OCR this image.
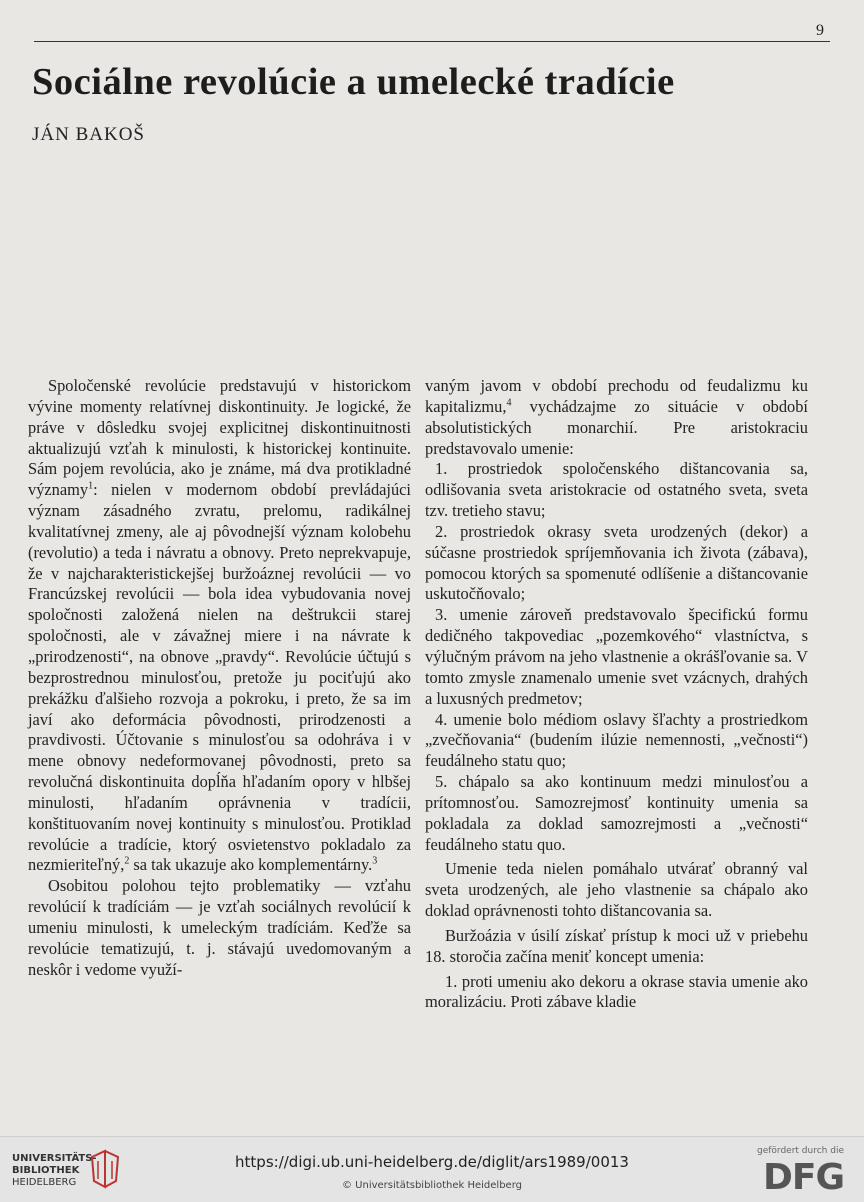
9
Sociálne revolúcie a umelecké tradície
JÁN BAKOŠ

Spoločenské revolúcie predstavujú v historickom vývine momenty relatívnej diskontinuity. Je logické, že práve v dôsledku svojej explicitnej diskontinuitnosti aktualizujú vzťah k minulosti, k historickej kontinuite. Sám pojem revolúcia, ako je známe, má dva protikladné významy$^1$: nielen v modernom období prevládajúci význam zásadného zvratu, prelomu, radikálnej kvalitatívnej zmeny, ale aj pôvodnejší význam kolobehu (revolutio) a teda i návratu a obnovy. Preto neprekvapuje, že v najcharakteristickejšej buržoáznej revolúcii — vo Francúzskej revolúcii — bola idea vybudovania novej spoločnosti založená nielen na deštrukcii starej spoločnosti, ale v závažnej miere i na návrate k „prirodzenosti“, na obnove „pravdy“. Revolúcie účtujú s bezprostrednou minulosťou, pretože ju pociťujú ako prekážku ďalšieho rozvoja a pokroku, i preto, že sa im javí ako deformácia pôvodnosti, prirodzenosti a pravdivosti. Účtovanie s minulosťou sa odohráva i v mene obnovy nedeformovanej pôvodnosti, preto sa revolučná diskontinuita dopĺňa hľadaním opory v hlbšej minulosti, hľadaním oprávnenia v tradícii, konštituovaním novej kontinuity s minulosťou. Protiklad revolúcie a tradície, ktorý osvietenstvo pokladalo za nezmieriteľný,$^2$ sa tak ukazuje ako komplementárny.$^3$

Osobitou polohou tejto problematiky — vzťahu revolúcií k tradíciám — je vzťah sociálnych revolúcií k umeniu minulosti, k umeleckým tradíciám. Keďže sa revolúcie tematizujú, t. j. stávajú uvedomovaným a neskôr i vedome využí-

vaným javom v období prechodu od feudalizmu ku kapitalizmu,$^4$ vychádzajme zo situácie v období absolutistických monarchií. Pre aristokraciu predstavovalo umenie:

1. prostriedok spoločenského dištancovania sa, odlišovania sveta aristokracie od ostatného sveta, sveta tzv. tretieho stavu;

2. prostriedok okrasy sveta urodzených (dekor) a súčasne prostriedok spríjemňovania ich života (zábava), pomocou ktorých sa spomenuté odlíšenie a dištancovanie uskutočňovalo;

3. umenie zároveň predstavovalo špecifickú formu dedičného takpovediac „pozemkového“ vlastníctva, s výlučným právom na jeho vlastnenie a okrášľovanie sa. V tomto zmysle znamenalo umenie svet vzácnych, drahých a luxusných predmetov;

4. umenie bolo médiom oslavy šľachty a prostriedkom „zvečňovania“ (budením ilúzie nemennosti, „večnosti“) feudálneho statu quo;

5. chápalo sa ako kontinuum medzi minulosťou a prítomnosťou. Samozrejmosť kontinuity umenia sa pokladala za doklad samozrejmosti a „večnosti“ feudálneho statu quo.

Umenie teda nielen pomáhalo utvárať obranný val sveta urodzených, ale jeho vlastnenie sa chápalo ako doklad oprávnenosti tohto dištancovania sa.

Buržoázia v úsilí získať prístup k moci už v priebehu 18. storočia začína meniť koncept umenia:

1. proti umeniu ako dekoru a okrase stavia umenie ako moralizáciu. Proti zábave kladie

UNIVERSITÄTS-
BIBLIOTHEK
HEIDELBERG
https://digi.ub.uni-heidelberg.de/diglit/ars1989/0013
© Universitätsbibliothek Heidelberg
gefördert durch die
DFG
